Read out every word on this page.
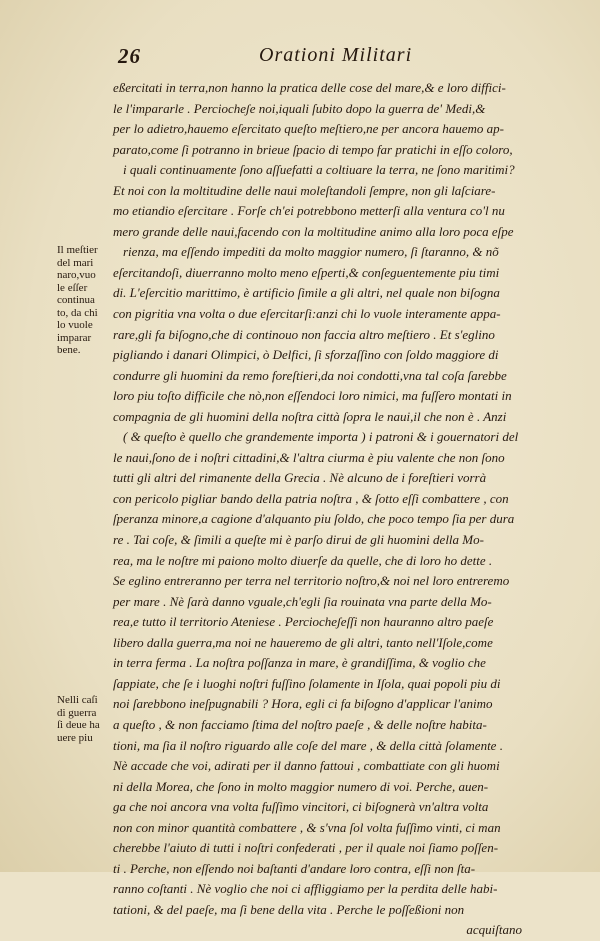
26	Orationi Militari
Il meſtier
del mari
naro,vuo
le eſſer
continua
to, da chi
lo vuole
imparar
bene.
Nelli caſi
di guerra
ſi deue ha
uere piu
eßercitati in terra,non hanno la pratica delle cose del mare,& e loro diffici-
le l'impararle . Perciocheʃe noi,iquali ſubito dopo la guerra de' Medi,&
per lo adietro,hauemo eſercitato queſto meſtiero,ne per ancora hauemo ap-
parato,come ſi potranno in brieue ſpacio di tempo far pratichi in eſſo coloro,
i quali continuamente ſono aſſuefatti a coltiuare la terra, ne ſono maritimi?
Et noi con la moltitudine delle naui moleſtandoli ſempre, non gli laſciare-
mo etiandio eſercitare . Forſe ch'ei potrebbono metterſi alla ventura co'l nu
mero grande delle naui,facendo con la moltitudine animo alla loro poca eſpe
rienza, ma eſſendo impediti da molto maggior numero, ſi ſtaranno, & nõ
eſercitandoſi, diuerranno molto meno eſperti,& conſeguentemente piu timi
di. L'eſercitio marittimo, è artificio ſimile a gli altri, nel quale non biſogna
con pigritia vna volta o due eſercitarſi:anzi chi lo vuole interamente appa-
rare,gli fa biſogno,che di continouo non faccia altro meſtiero . Et s'eglino
pigliando i danari Olimpici, ò Delfici, ſi sforzaſſino con ſoldo maggiore di
condurre gli huomini da remo foreſtieri,da noi condotti,vna tal coſa ſarebbe
loro piu toſto difficile che nò,non eſſendoci loro nimici, ma fuſſero montati in
compagnia de gli huomini della noſtra città ſopra le naui,il che non è . Anzi
( & queſto è quello che grandemente importa ) i patroni & i gouernatori del
le naui,ſono de i noſtri cittadini,& l'altra ciurma è piu valente che non ſono
tutti gli altri del rimanente della Grecia . Nè alcuno de i foreſtieri vorrà
con pericolo pigliar bando della patria noſtra , & ſotto eſſi combattere , con
ſperanza minore,a cagione d'alquanto piu ſoldo, che poco tempo ſia per dura
re . Tai coſe, & ſimili a queſte mi è parſo dirui de gli huomini della Mo-
rea, ma le noſtre mi paiono molto diuerſe da quelle, che di loro ho dette .
Se eglino entreranno per terra nel territorio noſtro,& noi nel loro entreremo
per mare . Nè ſarà danno vguale,ch'egli ſia rouinata vna parte della Mo-
rea,e tutto il territorio Ateniese . Perciocheʃeſſi non hauranno altro paeſe
libero dalla guerra,ma noi ne haueremo de gli altri, tanto nell'Iſole,come
in terra ferma . La noſtra poſſanza in mare, è grandiſſima, & voglio che
ſappiate, che ſe i luoghi noſtri fuſſino ſolamente in Iſola, quai popoli piu di
noi ſarebbono ineſpugnabili ? Hora, egli ci fa biſogno d'applicar l'animo
a queſto , & non facciamo ſtima del noſtro paeſe , & delle noſtre habita-
tioni, ma ſia il noſtro riguardo alle coſe del mare , & della città ſolamente .
Nè accade che voi, adirati per il danno fattoui , combattiate con gli huomi
ni della Morea, che ſono in molto maggior numero di voi. Perche, auen-
ga che noi ancora vna volta fuſſimo vincitori, ci biſognerà vn'altra volta
non con minor quantità combattere , & s'vna ſol volta fuſſimo vinti, ci man
cherebbe l'aiuto di tutti i noſtri confederati , per il quale noi ſiamo poſſen-
ti . Perche, non eſſendo noi baſtanti d'andare loro contra, eſſi non ſta-
ranno coſtanti . Nè voglio che noi ci affliggiamo per la perdita delle habi-
tationi, & del paeſe, ma ſi bene della vita . Perche le poſſeßioni non
acquiſtano
